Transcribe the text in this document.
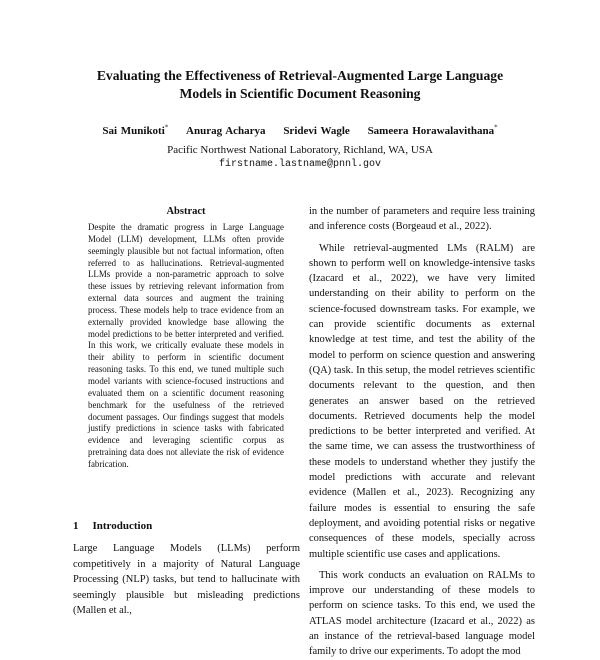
Evaluating the Effectiveness of Retrieval-Augmented Large Language
Models in Scientific Document Reasoning
Sai Munikoti* Anurag Acharya Sridevi Wagle Sameera Horawalavithana*
Pacific Northwest National Laboratory, Richland, WA, USA
firstname.lastname@pnnl.gov
Abstract
Despite the dramatic progress in Large Language Model (LLM) development, LLMs often provide seemingly plausible but not factual information, often referred to as hallucinations. Retrieval-augmented LLMs provide a non-parametric approach to solve these issues by retrieving relevant information from external data sources and augment the training process. These models help to trace evidence from an externally provided knowledge base allowing the model predictions to be better interpreted and verified. In this work, we critically evaluate these models in their ability to perform in scientific document reasoning tasks. To this end, we tuned multiple such model variants with science-focused instructions and evaluated them on a scientific document reasoning benchmark for the usefulness of the retrieved document passages. Our findings suggest that models justify predictions in science tasks with fabricated evidence and leveraging scientific corpus as pretraining data does not alleviate the risk of evidence fabrication.
1 Introduction

Large Language Models (LLMs) perform competitively in a majority of Natural Language Processing (NLP) tasks, but tend to hallucinate with seemingly plausible but misleading predictions (Mallen et al.,

in the number of parameters and require less training and inference costs (Borgeaud et al., 2022).

While retrieval-augmented LMs (RALM) are shown to perform well on knowledge-intensive tasks (Izacard et al., 2022), we have very limited understanding on their ability to perform on the science-focused downstream tasks. For example, we can provide scientific documents as external knowledge at test time, and test the ability of the model to perform on science question and answering (QA) task. In this setup, the model retrieves scientific documents relevant to the question, and then generates an answer based on the retrieved documents. Retrieved documents help the model predictions to be better interpreted and verified. At the same time, we can assess the trustworthiness of these models to understand whether they justify the model predictions with accurate and relevant evidence (Mallen et al., 2023). Recognizing any failure modes is essential to ensuring the safe deployment, and avoiding potential risks or negative consequences of these models, specially across multiple scientific use cases and applications.

This work conducts an evaluation on RALMs to improve our understanding of these models to perform on science tasks. To this end, we used the ATLAS model architecture (Izacard et al., 2022) as an instance of the retrieval-based language model family to drive our experiments. To adopt the mod
